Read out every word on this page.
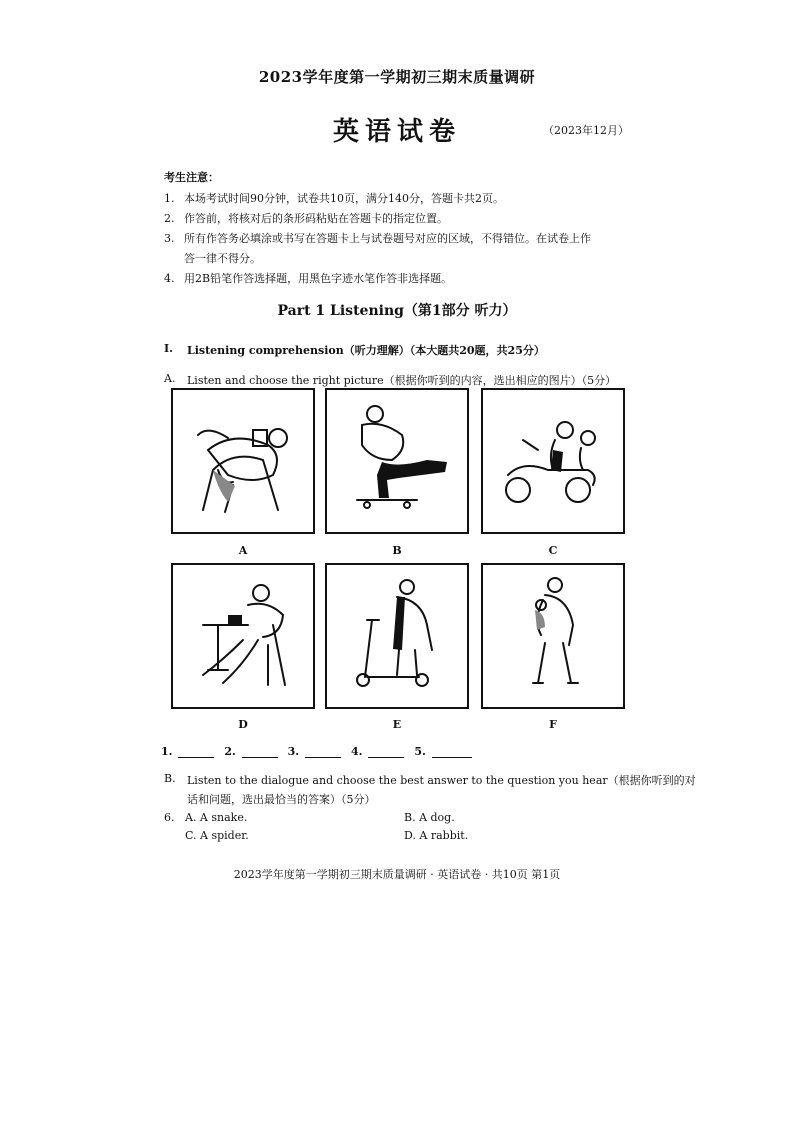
2023学年度第一学期初三期末质量调研
英语试卷	（2023年12月）
考生注意：
1. 本场考试时间90分钟，试卷共10页，满分140分，答题卡共2页。
2. 作答前，将核对后的条形码粘贴在答题卡的指定位置。
3. 所有作答务必填涂或书写在答题卡上与试卷题号对应的区域，不得错位。在试卷上作
答一律不得分。
4. 用2B铅笔作答选择题，用黑色字迹水笔作答非选择题。
Part 1 Listening（第1部分 听力）
I. Listening comprehension（听力理解）（本大题共20题，共25分）
A. Listen and choose the right picture（根据你听到的内容，选出相应的图片）（5分）
A	B	C
D	E	F
1.	2.	3.	4.	5.
B. Listen to the dialogue and choose the best answer to the question you hear（根据你听到的对
话和问题，选出最恰当的答案）（5分）
6. A. A snake.	B. A dog.
C. A spider.	D. A rabbit.
2023学年度第一学期初三期末质量调研 · 英语试卷 · 共10页 第1页
